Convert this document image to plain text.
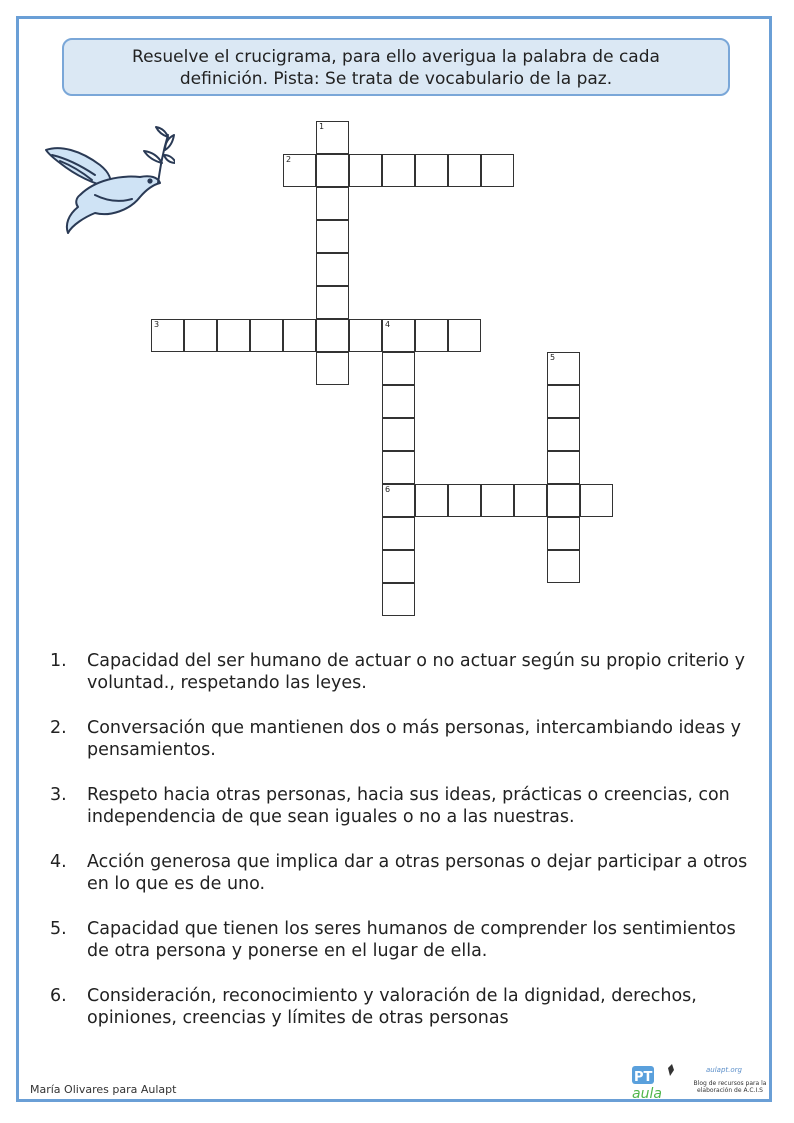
Resuelve el crucigrama, para ello averigua la palabra de cada
definición. Pista: Se trata de vocabulario de la paz.
1
2
3	4
6
5
1. Capacidad del ser humano de actuar o no actuar según su propio criterio y voluntad., respetando las leyes.
2. Conversación que mantienen dos o más personas, intercambiando ideas y pensamientos.
3. Respeto hacia otras personas, hacia sus ideas, prácticas o creencias, con independencia de que sean iguales o no a las nuestras.
4. Acción generosa que implica dar a otras personas o dejar participar a otros en lo que es de uno.
5. Capacidad que tienen los seres humanos de comprender los sentimientos de otra persona y ponerse en el lugar de ella.
6. Consideración, reconocimiento y valoración de la dignidad, derechos, opiniones, creencias y límites de otras personas
María Olivares para Aulapt
PT
aula
aulapt.org
Blog de recursos para la elaboración de A.C.I.S
